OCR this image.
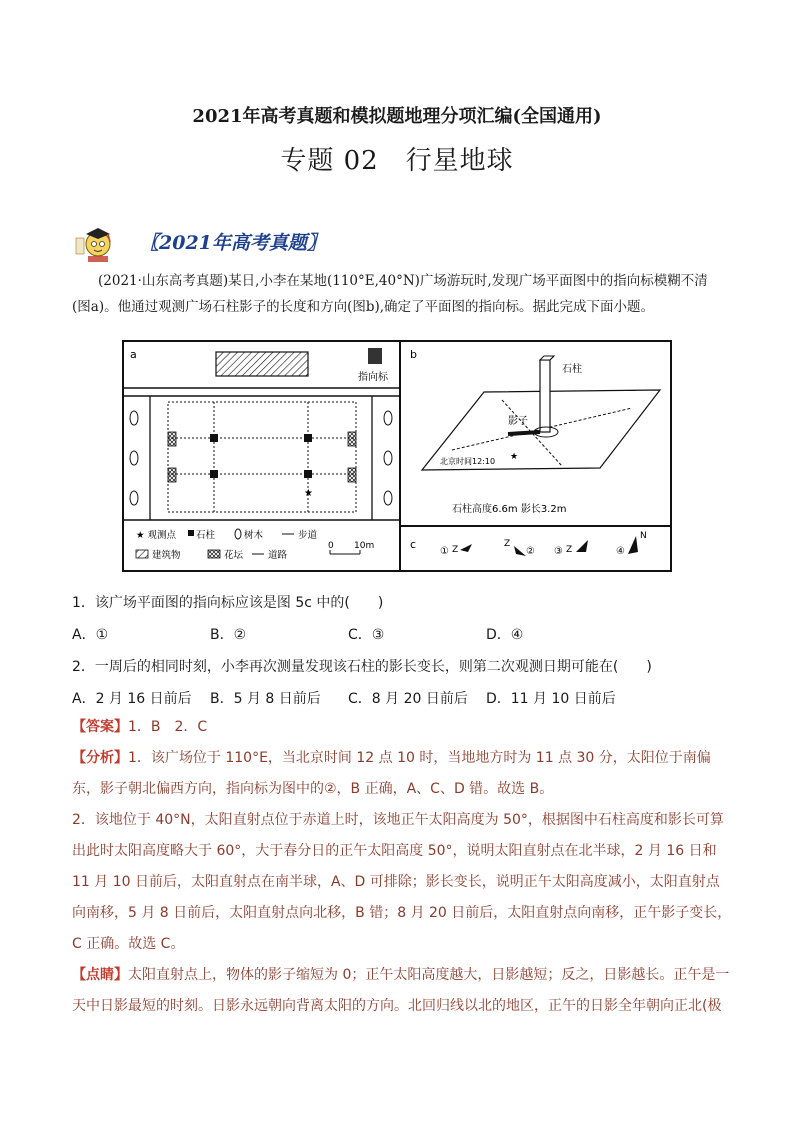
2021年高考真题和模拟题地理分项汇编(全国通用)
专题 02　行星地球
〖2021年高考真题〗
(2021·山东高考真题)某日,小李在某地(110°E,40°N)广场游玩时,发现广场平面图中的指向标模糊不清(图a)。他通过观测广场石柱影子的长度和方向(图b),确定了平面图的指向标。据此完成下面小题。
a	b
c
指向标
★
★ 观测点 石柱	树木	步道
建筑物	花坛	道路
0 10m
石柱
影子
★
北京时间12:10
石柱高度6.6m 影长3.2m
① Z
Z
② ③ Z	④
N
1．该广场平面图的指向标应该是图 5c 中的(　　)
A．①	B．②	C．③	D．④
2．一周后的相同时刻，小李再次测量发现该石柱的影长变长，则第二次观测日期可能在(　　)
A．2 月 16 日前后 B．5 月 8 日前后 C．8 月 20 日前后 D．11 月 10 日前后
【答案】1．B　2．C
【分析】1．该广场位于 110°E，当北京时间 12 点 10 时，当地地方时为 11 点 30 分，太阳位于南偏东，影子朝北偏西方向，指向标为图中的②，B 正确，A、C、D 错。故选 B。
2．该地位于 40°N，太阳直射点位于赤道上时，该地正午太阳高度为 50°，根据图中石柱高度和影长可算出此时太阳高度略大于 60°，大于春分日的正午太阳高度 50°，说明太阳直射点在北半球，2 月 16 日和 11 月 10 日前后，太阳直射点在南半球，A、D 可排除；影长变长，说明正午太阳高度减小，太阳直射点向南移，5 月 8 日前后，太阳直射点向北移，B 错；8 月 20 日前后，太阳直射点向南移，正午影子变长，C 正确。故选 C。
【点睛】太阳直射点上，物体的影子缩短为 0；正午太阳高度越大，日影越短；反之，日影越长。正午是一天中日影最短的时刻。日影永远朝向背离太阳的方向。北回归线以北的地区，正午的日影全年朝向正北(极
